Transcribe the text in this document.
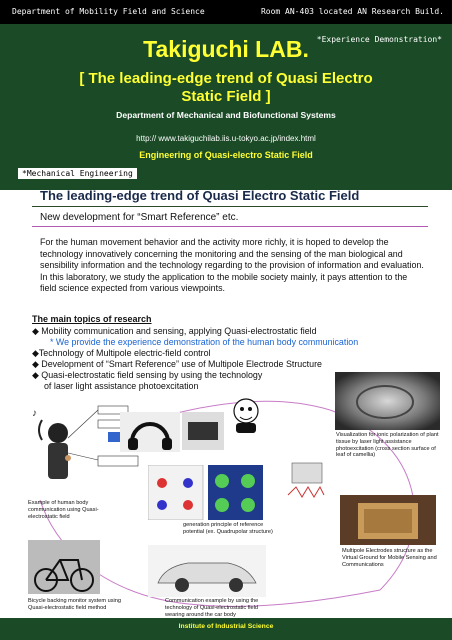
Department of Mobility Field and Science	Room AN-403 located AN Research Build.
*Experience Demonstration*
Takiguchi LAB.
[ The leading-edge trend of Quasi Electro
Static Field ]
Department of Mechanical and Biofunctional Systems
http:// www.takiguchilab.iis.u-tokyo.ac.jp/index.html
Engineering of Quasi-electro Static Field
*Mechanical Engineering
The leading-edge trend of Quasi Electro Static Field
New development for “Smart Reference” etc.
For the human movement behavior and the activity more richly, it is hoped to develop the technology innovatively concerning the monitoring and the sensing of the man biological and sensibility information and the technology regarding to the provision of information and evaluation. In this laboratory, we study the application to the mobile society mainly, it pays attention to the field science expected from various viewpoints.
The main topics of research
◆ Mobility communication and sensing, applying Quasi-electrostatic field
* We provide the experience demonstration of the human body communication
◆Technology of Multipole electric-field control
◆ Development of “Smart Reference” use of Multipole Electrode Structure
◆ Quasi-electrostatic field sensing by using the technology
of laser light assistance photoexcitation
♪
Example of human body communication using Quasi-electrostatic field
Visualization for ionic polarization of plant tissue by laser light assistance photoexcitation (cross section surface of leaf of camellia)
generation principle of reference potential (ex. Quadrupolar structure)
Multipole Electrodes structure as the Virtual Ground for Mobile Sensing and Communications
Bicycle backing monitor system using Quasi-electrostatic field method
Communication example by using the technology of Quasi-electrostatic field wearing around the car body
Institute of Industrial Science
